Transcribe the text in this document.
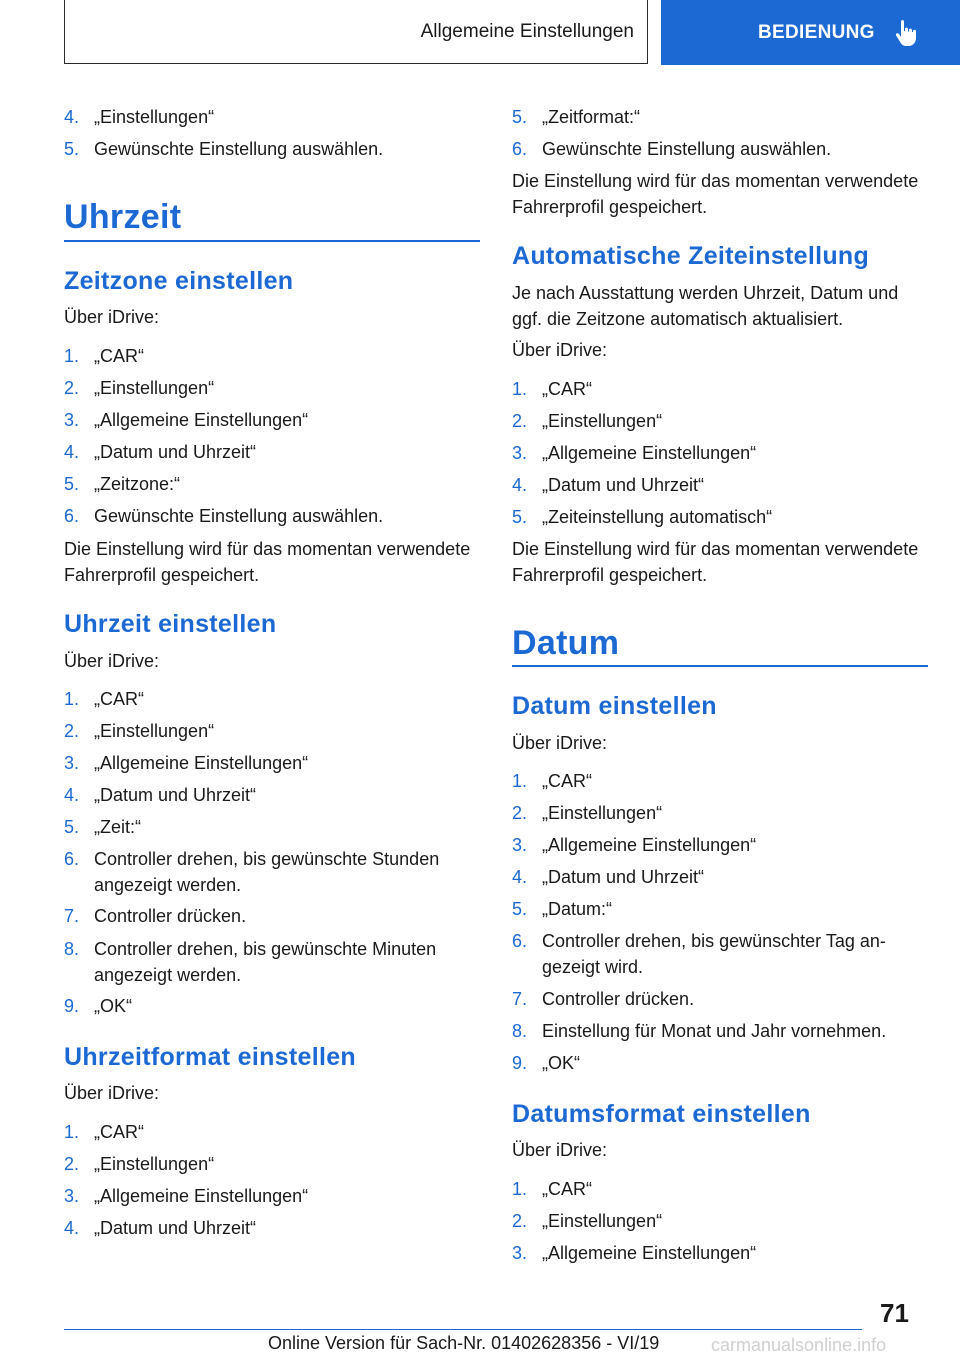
Allgemeine Einstellungen	BEDIENUNG
4. „Einstellungen“
5. Gewünschte Einstellung auswählen.
Uhrzeit
Zeitzone einstellen
Über iDrive:
1. „CAR“
2. „Einstellungen“
3. „Allgemeine Einstellungen“
4. „Datum und Uhrzeit“
5. „Zeitzone:“
6. Gewünschte Einstellung auswählen.
Die Einstellung wird für das momentan verwendete Fahrerprofil gespeichert.
Uhrzeit einstellen
Über iDrive:
1. „CAR“
2. „Einstellungen“
3. „Allgemeine Einstellungen“
4. „Datum und Uhrzeit“
5. „Zeit:“
6. Controller drehen, bis gewünschte Stunden angezeigt werden.
7. Controller drücken.
8. Controller drehen, bis gewünschte Minuten angezeigt werden.
9. „OK“
Uhrzeitformat einstellen
Über iDrive:
1. „CAR“
2. „Einstellungen“
3. „Allgemeine Einstellungen“
4. „Datum und Uhrzeit“
5. „Zeitformat:“
6. Gewünschte Einstellung auswählen.
Die Einstellung wird für das momentan verwendete Fahrerprofil gespeichert.
Automatische Zeiteinstellung
Je nach Ausstattung werden Uhrzeit, Datum und ggf. die Zeitzone automatisch aktualisiert.
Über iDrive:
1. „CAR“
2. „Einstellungen“
3. „Allgemeine Einstellungen“
4. „Datum und Uhrzeit“
5. „Zeiteinstellung automatisch“
Die Einstellung wird für das momentan verwendete Fahrerprofil gespeichert.
Datum
Datum einstellen
Über iDrive:
1. „CAR“
2. „Einstellungen“
3. „Allgemeine Einstellungen“
4. „Datum und Uhrzeit“
5. „Datum:“
6. Controller drehen, bis gewünschter Tag angezeigt wird.
7. Controller drücken.
8. Einstellung für Monat und Jahr vornehmen.
9. „OK“
Datumsformat einstellen
Über iDrive:
1. „CAR“
2. „Einstellungen“
3. „Allgemeine Einstellungen“
71
Online Version für Sach-Nr. 01402628356 - VI/19	carmanualsonline.info
